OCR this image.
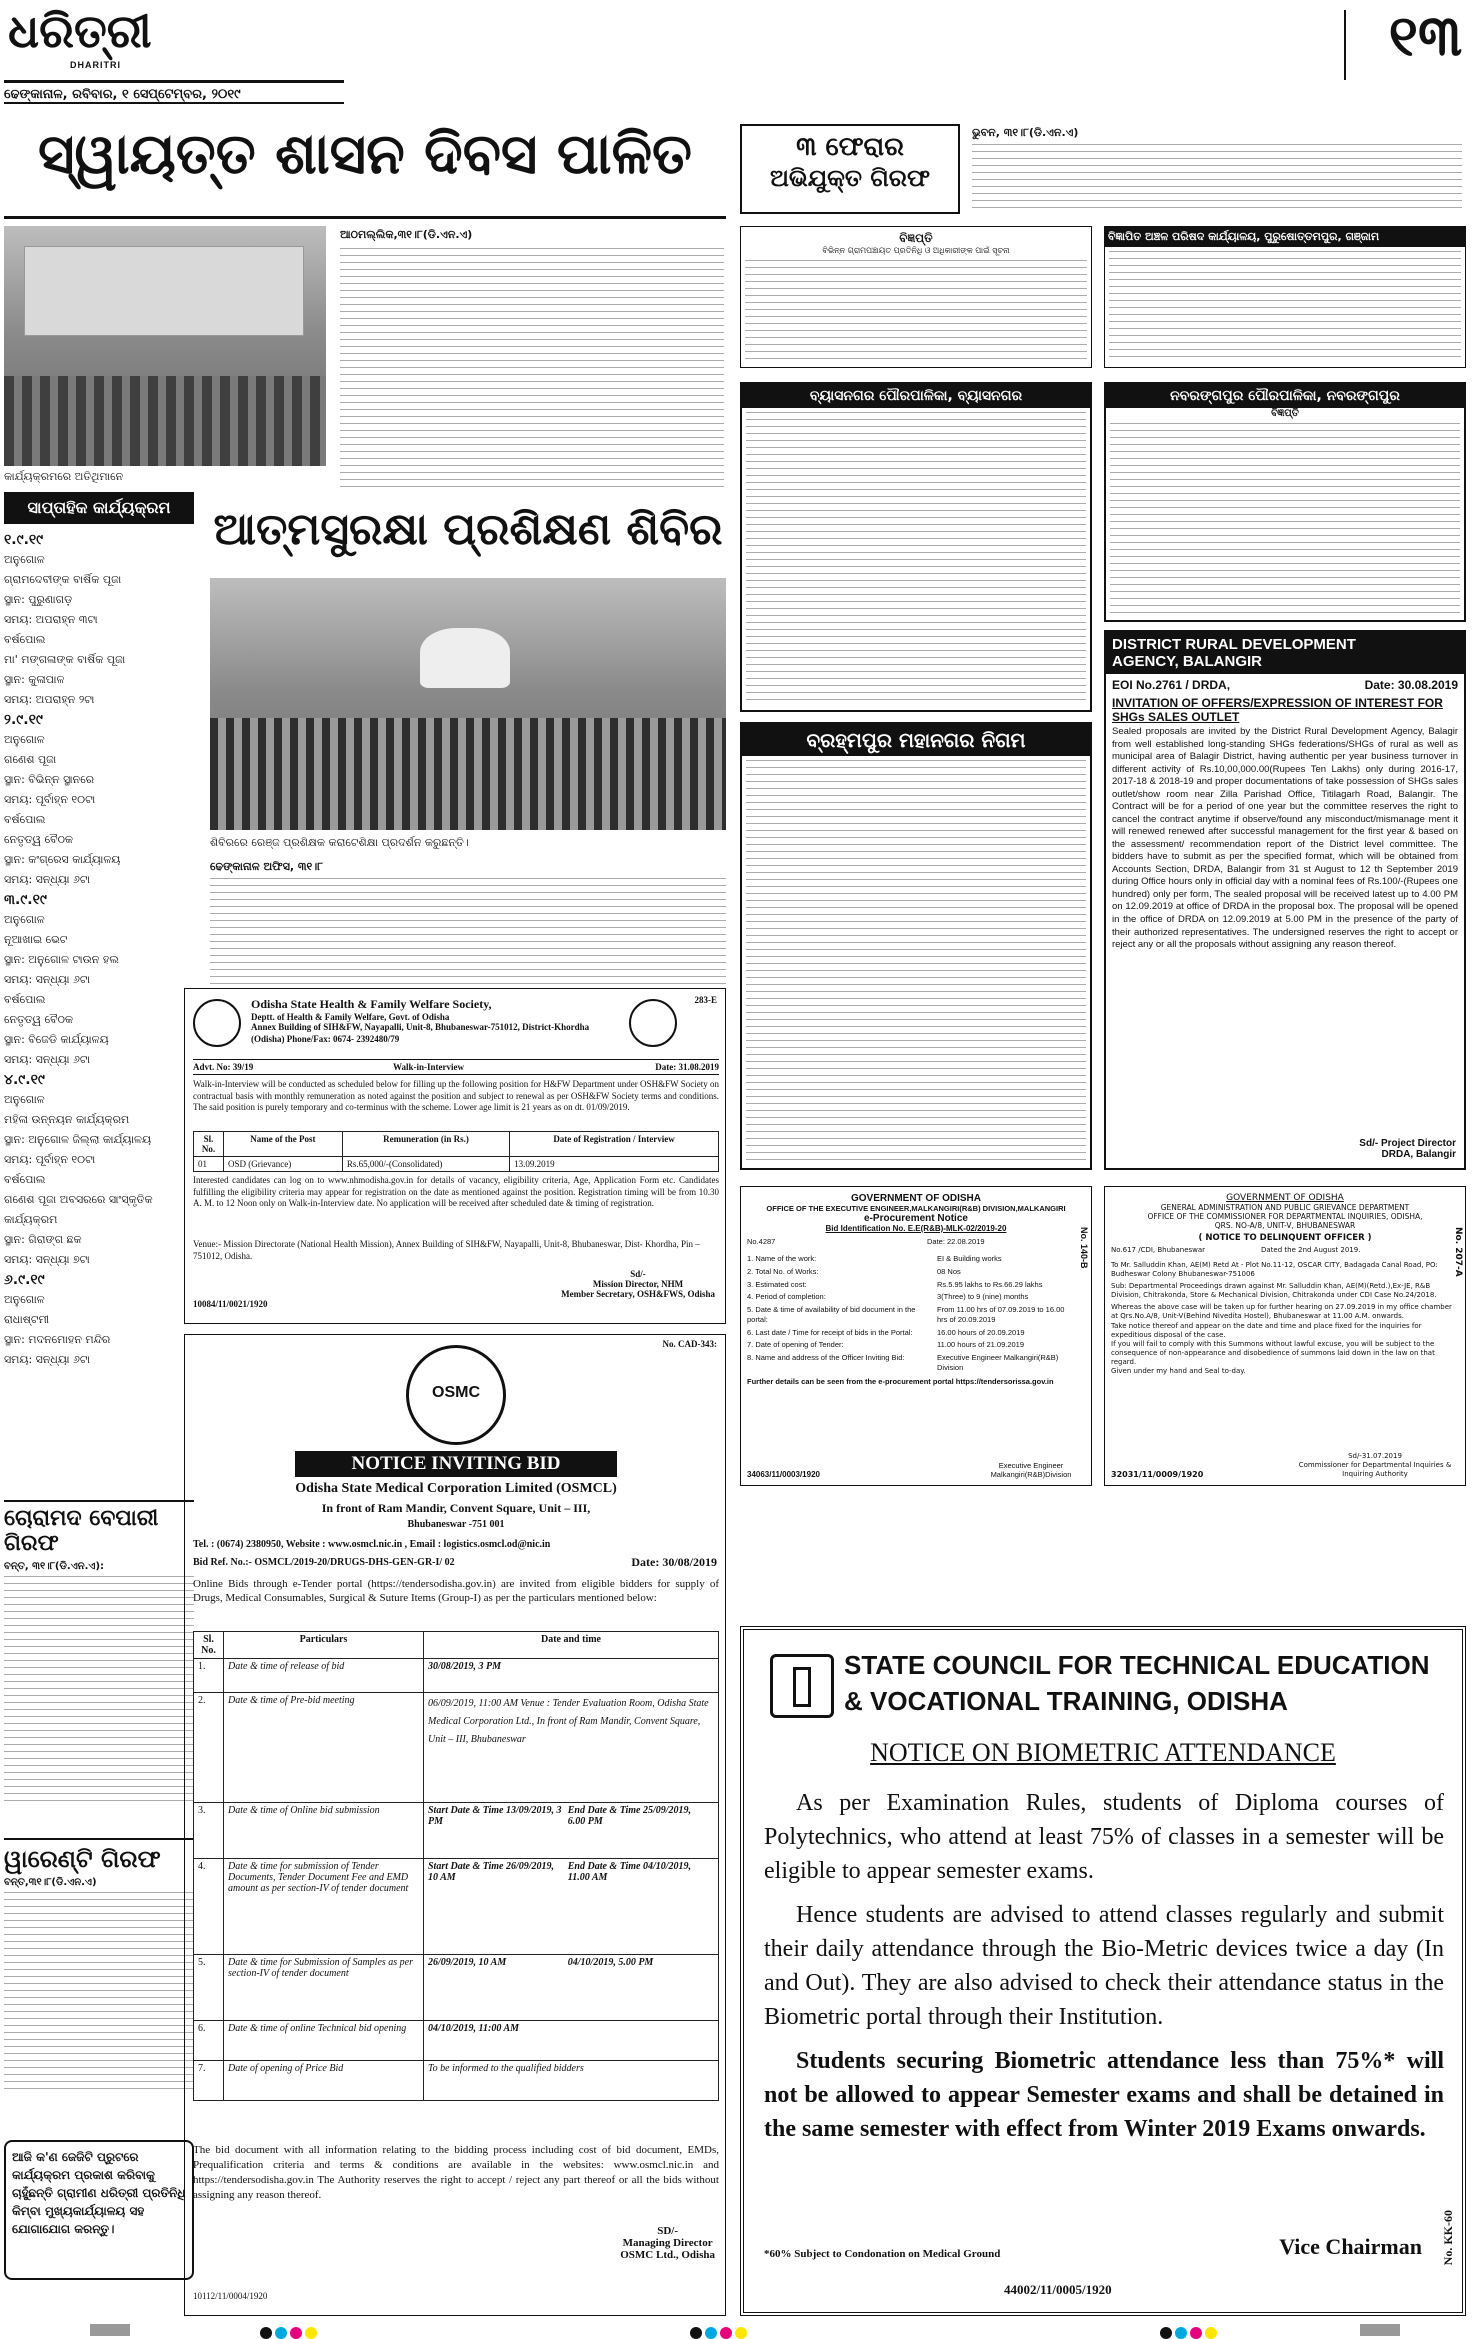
ଧରିତ୍ରୀ
DHARITRI
ଢେଙ୍କାନାଳ, ରବିବାର, ୧ ସେପ୍ଟେମ୍ବର, ୨୦୧୯
୧୩
ସ୍ୱାୟତ୍ତ ଶାସନ ଦିବସ ପାଳିତ
କାର୍ଯ୍ୟକ୍ରମରେ ଅତିଥିମାନେ
ଆଠମଲ୍ଲିକ,୩୧।୮(ଡି.ଏନ.ଏ)
୩ ଫେରାର
ଅଭିଯୁକ୍ତ ଗିରଫ
ଭୁବନ, ୩୧।୮(ଡି.ଏନ.ଏ)
ସାପ୍ତାହିକ କାର୍ଯ୍ୟକ୍ରମ
୧.୯.୧୯
ଅନୁଗୋଳ
ଗ୍ରାମଦେବୀଙ୍କ ବାର୍ଷିକ ପୂଜା
ସ୍ଥାନ: ପୁରୁଣାଗଡ଼
ସମୟ: ଅପରାହ୍ନ ୩ଟା
ବର୍ଷପୋଲ
ମା' ମଙ୍ଗଳାଙ୍କ ବାର୍ଷିକ ପୂଜା
ସ୍ଥାନ: କୁଳାପାଳ
ସମୟ: ଅପରାହ୍ନ ୨ଟା
୨.୯.୧୯
ଅନୁଗୋଳ
ଗଣେଶ ପୂଜା
ସ୍ଥାନ: ବିଭିନ୍ନ ସ୍ଥାନରେ
ସମୟ: ପୂର୍ବାହ୍ନ ୧୦ଟା
ବର୍ଷପୋଲ
ନେତୃତ୍ୱ ବୈଠକ
ସ୍ଥାନ: କଂଗ୍ରେସ କାର୍ଯ୍ୟାଳୟ
ସମୟ: ସନ୍ଧ୍ୟା ୬ଟା
୩.୯.୧୯
ଅନୁଗୋଳ
ନୂଆଖାଇ ଭେଟ
ସ୍ଥାନ: ଅନୁଗୋଳ ଟାଉନ ହଲ
ସମୟ: ସନ୍ଧ୍ୟା ୬ଟା
ବର୍ଷପୋଲ
ନେତୃତ୍ୱ ବୈଠକ
ସ୍ଥାନ: ବିଜେଡି କାର୍ଯ୍ୟାଳୟ
ସମୟ: ସନ୍ଧ୍ୟା ୬ଟା
୪.୯.୧୯
ଅନୁଗୋଳ
ମହିଳା ଉନ୍ନୟନ କାର୍ଯ୍ୟକ୍ରମ
ସ୍ଥାନ: ଅନୁଗୋଳ ଜିଲ୍ଲା କାର୍ଯ୍ୟାଳୟ
ସମୟ: ପୂର୍ବାହ୍ନ ୧୦ଟା
ବର୍ଷପୋଲ
ଗଣେଶ ପୂଜା ଅବସରରେ ସାଂସ୍କୃତିକ କାର୍ଯ୍ୟକ୍ରମ
ସ୍ଥାନ: ଗିରାଙ୍ଗ ଛକ
ସମୟ: ସନ୍ଧ୍ୟା ୭ଟା
୬.୯.୧୯
ଅନୁଗୋଳ
ରାଧାଷ୍ଟମୀ
ସ୍ଥାନ: ମଦନମୋହନ ମନ୍ଦିର
ସମୟ: ସନ୍ଧ୍ୟା ୬ଟା
ଚୋରାମଦ ବେପାରୀ ଗିରଫ
ବନ୍ତ, ୩୧।୮(ଡି.ଏନ.ଏ):
ୱାରେଣ୍ଟି ଗିରଫ
ବନ୍ତ,୩୧।୮(ଡି.ଏନ.ଏ)
ଆଜି କ'ଣ ଜେଜିଟି ପ୍ରୁଟରେ କାର୍ଯ୍ୟକ୍ରମ ପ୍ରକାଶ କରିବାକୁ ଚାହୁଁଛନ୍ତି ଗ୍ରାମୀଣ ଧରିତ୍ରୀ ପ୍ରତିନିଧି କିମ୍ବା ମୁଖ୍ୟକାର୍ଯ୍ୟାଳୟ ସହ ଯୋଗାଯୋଗ କରନ୍ତୁ।
ଆତ୍ମସୁରକ୍ଷା ପ୍ରଶିକ୍ଷଣ ଶିବିର
ଶିବିରରେ ରେଞ୍ଜ ପ୍ରଶିକ୍ଷକ କରାଟେଶିକ୍ଷା ପ୍ରଦର୍ଶନ କରୁଛନ୍ତି।
ଢେଙ୍କାନାଳ ଅଫିସ, ୩୧।୮
283-E
Odisha State Health & Family Welfare Society,
Deptt. of Health & Family Welfare, Govt. of Odisha
Annex Building of SIH&FW, Nayapalli, Unit-8, Bhubaneswar-751012, District-Khordha (Odisha) Phone/Fax: 0674- 2392480/79
Advt. No: 39/19	Walk-in-Interview	Date: 31.08.2019
Walk-in-Interview will be conducted as scheduled below for filling up the following position for H&FW Department under OSH&FW Society on contractual basis with monthly remuneration as noted against the position and subject to renewal as per OSH&FW Society terms and conditions. The said position is purely temporary and co-terminus with the scheme. Lower age limit is 21 years as on dt. 01/09/2019.
Sl. No.	Name of the Post	Remuneration (in Rs.)	Date of Registration / Interview
01	OSD (Grievance)	Rs.65,000/-(Consolidated)	13.09.2019
Interested candidates can log on to www.nhmodisha.gov.in for details of vacancy, eligibility criteria, Age, Application Form etc. Candidates fulfilling the eligibility criteria may appear for registration on the date as mentioned against the position. Registration timing will be from 10.30 A. M. to 12 Noon only on Walk-in-Interview date. No application will be received after scheduled date & timing of registration.
Venue:- Mission Directorate (National Health Mission), Annex Building of SIH&FW, Nayapalli, Unit-8, Bhubaneswar, Dist- Khordha, Pin – 751012, Odisha.
Sd/-
Mission Director, NHM
Member Secretary, OSH&FWS, Odisha
10084/11/0021/1920
No. CAD-343:
OSMC
NOTICE INVITING BID
Odisha State Medical Corporation Limited (OSMCL)
In front of Ram Mandir, Convent Square, Unit – III,
Bhubaneswar -751 001
Tel. : (0674) 2380950, Website : www.osmcl.nic.in , Email : logistics.osmcl.od@nic.in
Bid Ref. No.:- OSMCL/2019-20/DRUGS-DHS-GEN-GR-I/ 02	Date: 30/08/2019
Online Bids through e-Tender portal (https://tendersodisha.gov.in) are invited from eligible bidders for supply of Drugs, Medical Consumables, Surgical & Suture Items (Group-I) as per the particulars mentioned below:
Sl. No.	Particulars	Date and time
1.	Date & time of release of bid	30/08/2019, 3 PM
2.	Date & time of Pre-bid meeting	06/09/2019, 11:00 AM Venue : Tender Evaluation Room, Odisha State Medical Corporation Ltd., In front of Ram Mandir, Convent Square, Unit – III, Bhubaneswar
3.	Date & time of Online bid submission	Start Date & Time 13/09/2019, 3 PM End Date & Time 25/09/2019, 6.00 PM
4.	Date & time for submission of Tender Documents, Tender Document Fee and EMD amount as per section-IV of tender document	Start Date & Time 26/09/2019, 10 AM End Date & Time 04/10/2019, 11.00 AM
5.	Date & time for Submission of Samples as per section-IV of tender document	26/09/2019, 10 AM 04/10/2019, 5.00 PM
6.	Date & time of online Technical bid opening	04/10/2019, 11:00 AM
7.	Date of opening of Price Bid	To be informed to the qualified bidders
The bid document with all information relating to the bidding process including cost of bid document, EMDs, Prequalification criteria and terms & conditions are available in the websites: www.osmcl.nic.in and https://tendersodisha.gov.in The Authority reserves the right to accept / reject any part thereof or all the bids without assigning any reason thereof.
SD/-
Managing Director
OSMC Ltd., Odisha
10112/11/0004/1920
ବିଜ୍ଞପ୍ତି
ବିଭିନ୍ନ ଗ୍ରାମପଞ୍ଚାୟତ ପ୍ରତିନିଧି ଓ ଅଧିକାରୀଙ୍କ ପାଇଁ ସୂଚନା
ବିଜ୍ଞାପିତ ଅଞ୍ଚଳ ପରିଷଦ କାର୍ଯ୍ୟାଳୟ, ପୁରୁଷୋତ୍ତମପୁର, ଗଞ୍ଜାମ
ବ୍ୟାସନଗର ପୌରପାଳିକା, ବ୍ୟାସନଗର	ନବରଙ୍ଗପୁର ପୌରପାଳିକା, ନବରଙ୍ଗପୁର
ବିଜ୍ଞପ୍ତି
ବ୍ରହ୍ମପୁର ମହାନଗର ନିଗମ
DISTRICT RURAL DEVELOPMENT
AGENCY, BALANGIR
EOI No.2761 / DRDA,	Date: 30.08.2019
INVITATION OF OFFERS/EXPRESSION OF INTEREST FOR SHGs SALES OUTLET
Sealed proposals are invited by the District Rural Development Agency, Balagir from well established long-standing SHGs federations/SHGs of rural as well as municipal area of Balagir District, having authentic per year business turnover in different activity of Rs.10,00,000.00(Rupees Ten Lakhs) only during 2016-17, 2017-18 & 2018-19 and proper documentations of take possession of SHGs sales outlet/show room near Zilla Parishad Office, Titilagarh Road, Balangir. The Contract will be for a period of one year but the committee reserves the right to cancel the contract anytime if observe/found any misconduct/mismanage ment it will renewed renewed after successful management for the first year & based on the assessment/ recommendation report of the District level committee. The bidders have to submit as per the specified format, which will be obtained from Accounts Section, DRDA, Balangir from 31 st August to 12 th September 2019 during Office hours only in official day with a nominal fees of Rs.100/-(Rupees one hundred) only per form, The sealed proposal will be received latest up to 4.00 PM on 12.09.2019 at office of DRDA in the proposal box. The proposal will be opened in the office of DRDA on 12.09.2019 at 5.00 PM in the presence of the party of their authorized representatives. The undersigned reserves the right to accept or reject any or all the proposals without assigning any reason thereof.
Sd/- Project Director
DRDA, Balangir
GOVERNMENT OF ODISHA
OFFICE OF THE EXECUTIVE ENGINEER,MALKANGIRI(R&B) DIVISION,MALKANGIRI
e-Procurement Notice
Bid Identification No. E.E(R&B)-MLK-02/2019-20	No. 140-B
No.4287	Date: 22.08.2019
1. Name of the work:	EI & Building works
2. Total No. of Works:	08 Nos
3. Estimated cost:	Rs.5.95 lakhs to Rs.66.29 lakhs
4. Period of completion:	3(Three) to 9 (nine) months
5. Date & time of availability of bid document in the portal:
From 11.00 hrs of 07.09.2019 to 16.00 hrs of 20.09.2019
6. Last date / Time for receipt of bids in the Portal:	16.00 hours of 20.09.2019
7. Date of opening of Tender:	11.00 hours of 21.09.2019
8. Name and address of the Officer Inviting Bid:	Executive Engineer Malkangiri(R&B) Division
Further details can be seen from the e-procurement portal https://tendersorissa.gov.in
Executive Engineer Malkangiri(R&B)Division
34063/11/0003/1920
GOVERNMENT OF ODISHA
GENERAL ADMINISTRATION AND PUBLIC GRIEVANCE DEPARTMENT
OFFICE OF THE COMMISSIONER FOR DEPARTMENTAL INQUIRIES, ODISHA,
QRS. NO-A/8, UNIT-V, BHUBANESWAR
( NOTICE TO DELINQUENT OFFICER )	No. 207-A
No.617 /CDI, Bhubaneswar	Dated the 2nd August 2019.
To Mr. Salluddin Khan, AE(M) Retd At - Plot No.11-12, OSCAR CITY, Badagada Canal Road, PO: Budheswar Colony Bhubaneswar-751006
Sub: Departmental Proceedings drawn against Mr. Salluddin Khan, AE(M)(Retd.),Ex-JE, R&B Division, Chitrakonda, Store & Mechanical Division, Chitrakonda under CDI Case No.24/2018.
Whereas the above case will be taken up for further hearing on 27.09.2019 in my office chamber at Qrs.No.A/8, Unit-V(Behind Nivedita Hostel), Bhubaneswar at 11.00 A.M. onwards.
Take notice thereof and appear on the date and time and place fixed for the inquiries for expeditious disposal of the case.
If you will fail to comply with this Summons without lawful excuse, you will be subject to the consequence of non-appearance and disobedience of summons laid down in the law on that regard.
Given under my hand and Seal to-day.
Sd/-31.07.2019
Commissioner for Departmental Inquiries & Inquiring Authority
32031/11/0009/1920
STATE COUNCIL FOR TECHNICAL EDUCATION
& VOCATIONAL TRAINING, ODISHA
NOTICE ON BIOMETRIC ATTENDANCE
As per Examination Rules, students of Diploma courses of Polytechnics, who attend at least 75% of classes in a semester will be eligible to appear semester exams.
Hence students are advised to attend classes regularly and submit their daily attendance through the Bio-Metric devices twice a day (In and Out). They are also advised to check their attendance status in the Biometric portal through their Institution.
Students securing Biometric attendance less than 75%* will not be allowed to appear Semester exams and shall be detained in the same semester with effect from Winter 2019 Exams onwards.
*60% Subject to Condonation on Medical Ground	Vice Chairman
44002/11/0005/1920
No. KK-60
